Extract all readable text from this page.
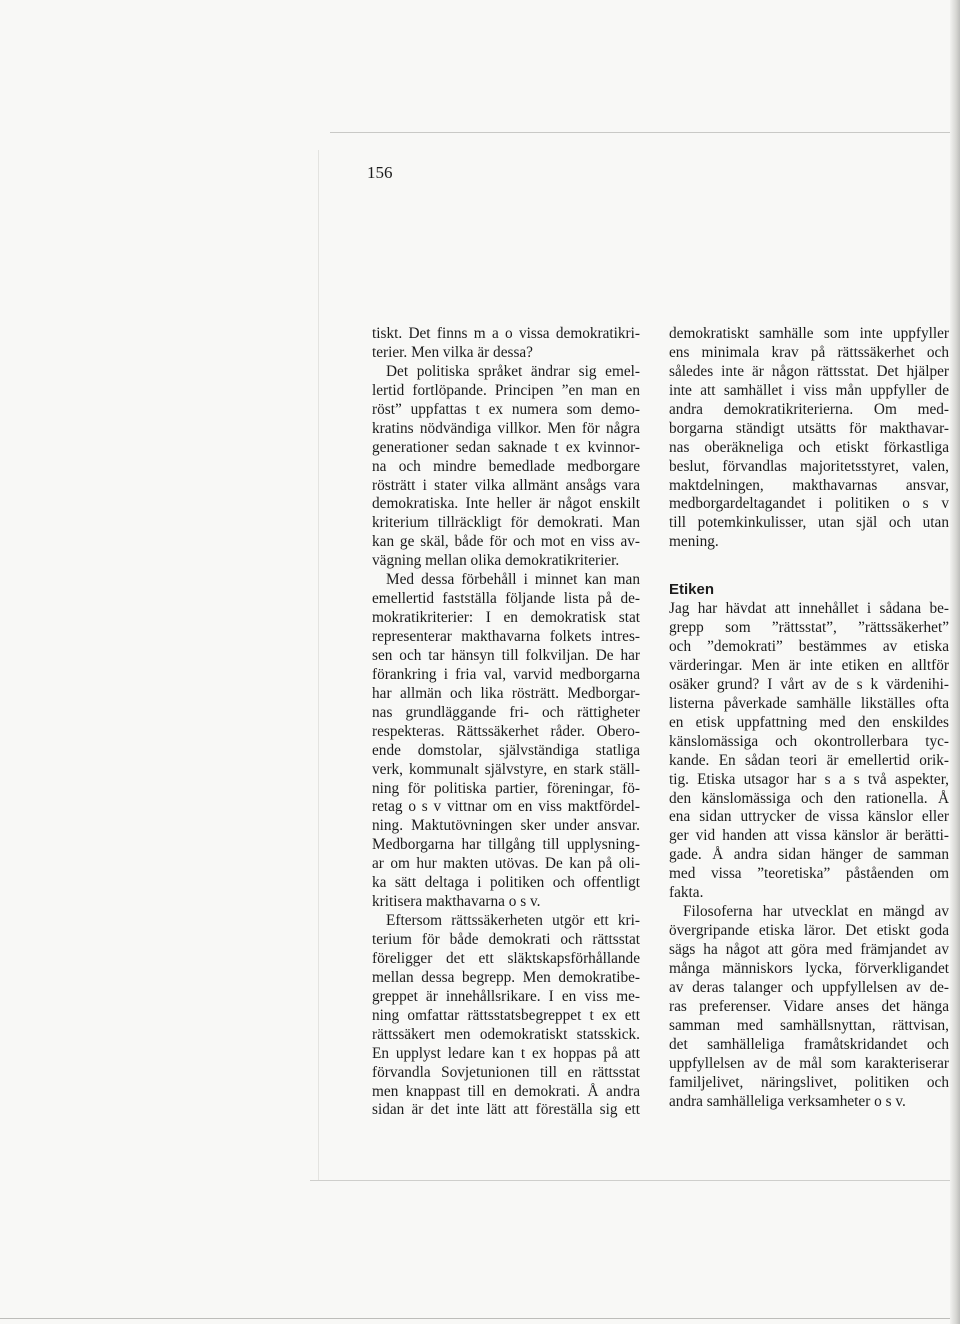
156
tiskt. Det finns m a o vissa demokratikri-
terier. Men vilka är dessa?
Det politiska språket ändrar sig emel-
lertid fortlöpande. Principen ”en man en
röst” uppfattas t ex numera som demo-
kratins nödvändiga villkor. Men för några
generationer sedan saknade t ex kvinnor-
na och mindre bemedlade medborgare
rösträtt i stater vilka allmänt ansågs vara
demokratiska. Inte heller är något enskilt
kriterium tillräckligt för demokrati. Man
kan ge skäl, både för och mot en viss av-
vägning mellan olika demokratikriterier.
Med dessa förbehåll i minnet kan man
emellertid fastställa följande lista på de-
mokratikriterier: I en demokratisk stat
representerar makthavarna folkets intres-
sen och tar hänsyn till folkviljan. De har
förankring i fria val, varvid medborgarna
har allmän och lika rösträtt. Medborgar-
nas grundläggande fri- och rättigheter
respekteras. Rättssäkerhet råder. Obero-
ende domstolar, självständiga statliga
verk, kommunalt självstyre, en stark ställ-
ning för politiska partier, föreningar, fö-
retag o s v vittnar om en viss maktfördel-
ning. Maktutövningen sker under ansvar.
Medborgarna har tillgång till upplysning-
ar om hur makten utövas. De kan på oli-
ka sätt deltaga i politiken och offentligt
kritisera makthavarna o s v.
Eftersom rättssäkerheten utgör ett kri-
terium för både demokrati och rättsstat
föreligger det ett släktskapsförhållande
mellan dessa begrepp. Men demokratibe-
greppet är innehållsrikare. I en viss me-
ning omfattar rättsstatsbegreppet t ex ett
rättssäkert men odemokratiskt statsskick.
En upplyst ledare kan t ex hoppas på att
förvandla Sovjetunionen till en rättsstat
men knappast till en demokrati. Å andra
sidan är det inte lätt att föreställa sig ett
demokratiskt samhälle som inte uppfyller
ens minimala krav på rättssäkerhet och
således inte är någon rättsstat. Det hjälper
inte att samhället i viss mån uppfyller de
andra demokratikriterierna. Om med-
borgarna ständigt utsätts för makthavar-
nas oberäkneliga och etiskt förkastliga
beslut, förvandlas majoritetsstyret, valen,
maktdelningen, makthavarnas ansvar,
medborgardeltagandet i politiken o s v
till potemkinkulisser, utan själ och utan
mening.
Etiken
Jag har hävdat att innehållet i sådana be-
grepp som ”rättsstat”, ”rättssäkerhet”
och ”demokrati” bestämmes av etiska
värderingar. Men är inte etiken en alltför
osäker grund? I vårt av de s k värdenihi-
listerna påverkade samhälle likställes ofta
en etisk uppfattning med den enskildes
känslomässiga och okontrollerbara tyc-
kande. En sådan teori är emellertid orik-
tig. Etiska utsagor har s a s två aspekter,
den känslomässiga och den rationella. Å
ena sidan uttrycker de vissa känslor eller
ger vid handen att vissa känslor är berätti-
gade. Å andra sidan hänger de samman
med vissa ”teoretiska” påståenden om
fakta.
Filosoferna har utvecklat en mängd av
övergripande etiska läror. Det etiskt goda
sägs ha något att göra med främjandet av
många människors lycka, förverkligandet
av deras talanger och uppfyllelsen av de-
ras preferenser. Vidare anses det hänga
samman med samhällsnyttan, rättvisan,
det samhälleliga framåtskridandet och
uppfyllelsen av de mål som karakteriserar
familjelivet, näringslivet, politiken och
andra samhälleliga verksamheter o s v.
